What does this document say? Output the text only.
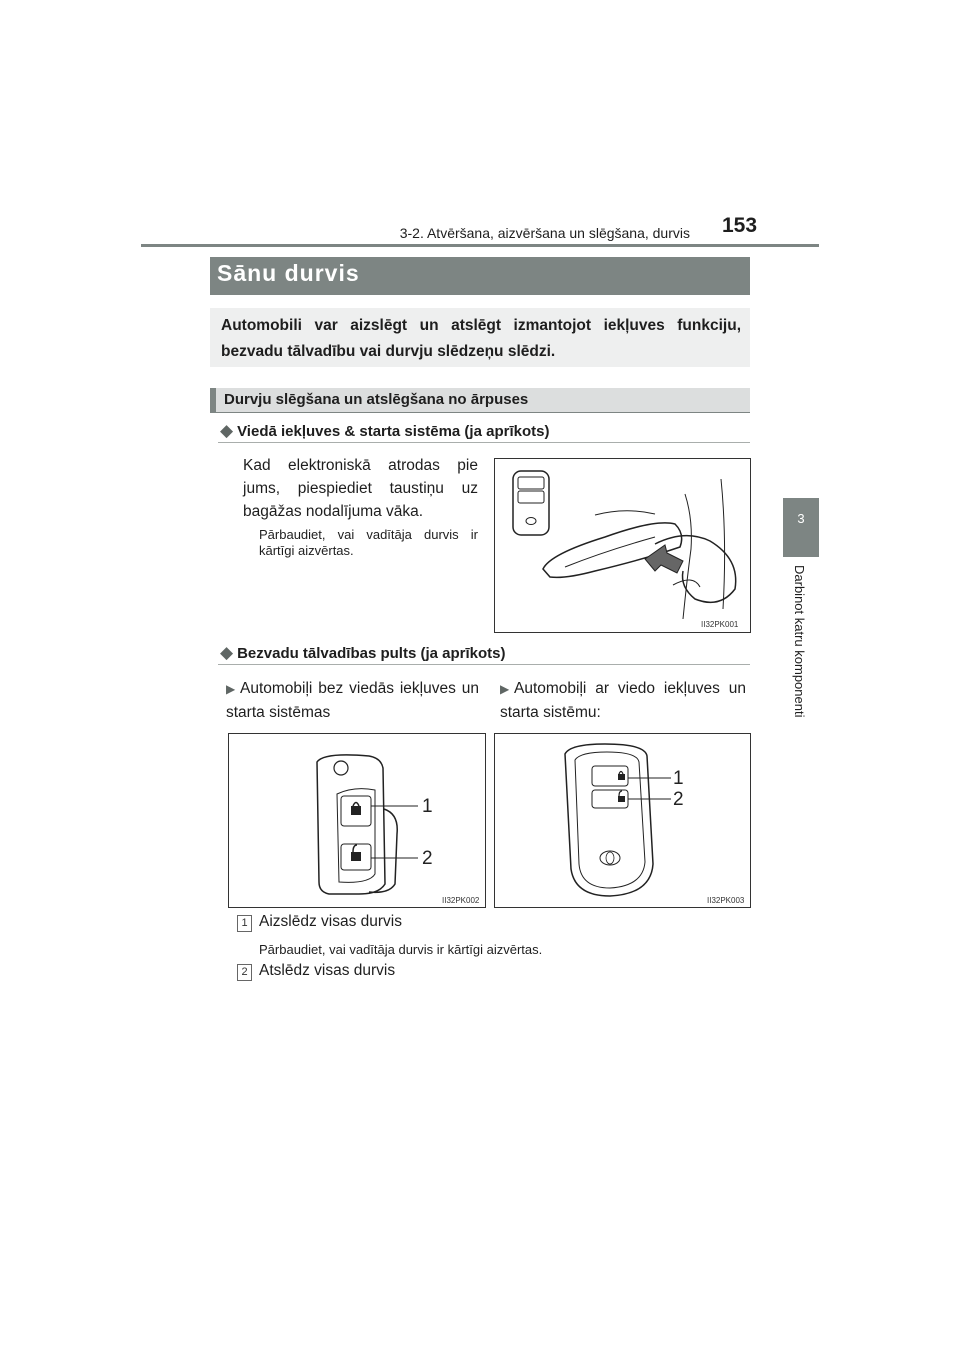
3-2. Atvēršana, aizvēršana un slēgšana, durvis 153
3
Darbinot katru komponenti
Sānu durvis
Automobili var aizslēgt un atslēgt izmantojot iekļuves funkciju, bezvadu tālvadību vai durvju slēdzeņu slēdzi.
Durvju slēgšana un atslēgšana no ārpuses
◆ Viedā iekļuves & starta sistēma (ja aprīkots)
Kad elektroniskā atrodas pie jums, piespiediet taustiņu uz bagāžas nodalījuma vāka.
Pārbaudiet, vai vadītāja durvis ir kārtīgi aizvērtas.
II32PK001
◆ Bezvadu tālvadības pults (ja aprīkots)
▶ Automobiļi bez viedās iekļuves un starta sistēmas
▶ Automobiļi ar viedo iekļuves un starta sistēmu:
1
2
II32PK002
1
2
II32PK003
1 Aizslēdz visas durvis
Pārbaudiet, vai vadītāja durvis ir kārtīgi aizvērtas.
2 Atslēdz visas durvis
